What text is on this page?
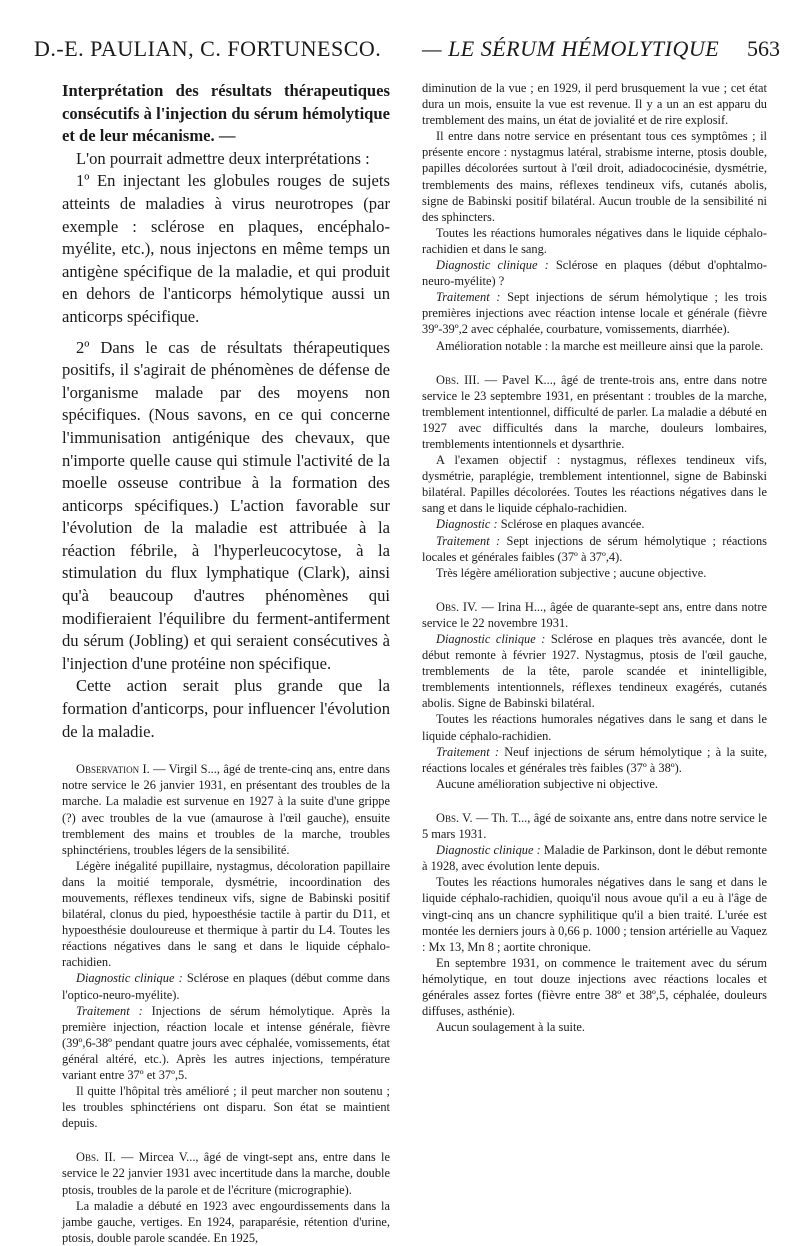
D.-E. PAULIAN, C. FORTUNESCO. — LE SÉRUM HÉMOLYTIQUE 563
Interprétation des résultats thérapeutiques consécutifs à l'injection du sérum hémolytique et de leur mécanisme. —

L'on pourrait admettre deux interprétations :

1º En injectant les globules rouges de sujets atteints de maladies à virus neurotropes (par exemple : sclérose en plaques, encéphalo-myélite, etc.), nous injectons en même temps un antigène spécifique de la maladie, et qui produit en dehors de l'anticorps hémolytique aussi un anticorps spécifique.

2º Dans le cas de résultats thérapeutiques positifs, il s'agirait de phénomènes de défense de l'organisme malade par des moyens non spécifiques. (Nous savons, en ce qui concerne l'immunisation antigénique des chevaux, que n'importe quelle cause qui stimule l'activité de la moelle osseuse contribue à la formation des anticorps spécifiques.) L'action favorable sur l'évolution de la maladie est attribuée à la réaction fébrile, à l'hyperleucocytose, à la stimulation du flux lymphatique (Clark), ainsi qu'à beaucoup d'autres phénomènes qui modifieraient l'équilibre du ferment-antiferment du sérum (Jobling) et qui seraient consécutives à l'injection d'une protéine non spécifique.

Cette action serait plus grande que la formation d'anticorps, pour influencer l'évolution de la maladie.

Observation I. — Virgil S..., âgé de trente-cinq ans, entre dans notre service le 26 janvier 1931, en présentant des troubles de la marche. La maladie est survenue en 1927 à la suite d'une grippe (?) avec troubles de la vue (amaurose à l'œil gauche), ensuite tremblement des mains et troubles de la marche, troubles sphinctériens, troubles légers de la sensibilité.

Légère inégalité pupillaire, nystagmus, décoloration papillaire dans la moitié temporale, dysmétrie, incoordination des mouvements, réflexes tendineux vifs, signe de Babinski positif bilatéral, clonus du pied, hypoesthésie tactile à partir du D11, et hypoesthésie douloureuse et thermique à partir du L4. Toutes les réactions négatives dans le sang et dans le liquide céphalo-rachidien.

Diagnostic clinique : Sclérose en plaques (début comme dans l'optico-neuro-myélite).

Traitement : Injections de sérum hémolytique. Après la première injection, réaction locale et intense générale, fièvre (39º,6-38º pendant quatre jours avec céphalée, vomissements, état général altéré, etc.). Après les autres injections, température variant entre 37º et 37º,5.

Il quitte l'hôpital très amélioré ; il peut marcher non soutenu ; les troubles sphinctériens ont disparu. Son état se maintient depuis.

Obs. II. — Mircea V..., âgé de vingt-sept ans, entre dans le service le 22 janvier 1931 avec incertitude dans la marche, double ptosis, troubles de la parole et de l'écriture (micrographie).

La maladie a débuté en 1923 avec engourdissements dans la jambe gauche, vertiges. En 1924, paraparésie, rétention d'urine, ptosis, double parole scandée. En 1925,

diminution de la vue ; en 1929, il perd brusquement la vue ; cet état dura un mois, ensuite la vue est revenue. Il y a un an est apparu du tremblement des mains, un état de jovialité et de rire explosif.

Il entre dans notre service en présentant tous ces symptômes ; il présente encore : nystagmus latéral, strabisme interne, ptosis double, papilles décolorées surtout à l'œil droit, adiadococinésie, dysmétrie, tremblements des mains, réflexes tendineux vifs, cutanés abolis, signe de Babinski positif bilatéral. Aucun trouble de la sensibilité ni des sphincters.

Toutes les réactions humorales négatives dans le liquide céphalo-rachidien et dans le sang.

Diagnostic clinique : Sclérose en plaques (début d'ophtalmo-neuro-myélite) ?

Traitement : Sept injections de sérum hémolytique ; les trois premières injections avec réaction intense locale et générale (fièvre 39º-39º,2 avec céphalée, courbature, vomissements, diarrhée).

Amélioration notable : la marche est meilleure ainsi que la parole.

Obs. III. — Pavel K..., âgé de trente-trois ans, entre dans notre service le 23 septembre 1931, en présentant : troubles de la marche, tremblement intentionnel, difficulté de parler. La maladie a débuté en 1927 avec difficultés dans la marche, douleurs lombaires, tremblements intentionnels et dysarthrie.

A l'examen objectif : nystagmus, réflexes tendineux vifs, dysmétrie, paraplégie, tremblement intentionnel, signe de Babinski bilatéral. Papilles décolorées. Toutes les réactions négatives dans le sang et dans le liquide céphalo-rachidien.

Diagnostic : Sclérose en plaques avancée.

Traitement : Sept injections de sérum hémolytique ; réactions locales et générales faibles (37º à 37º,4).

Très légère amélioration subjective ; aucune objective.

Obs. IV. — Irina H..., âgée de quarante-sept ans, entre dans notre service le 22 novembre 1931.

Diagnostic clinique : Sclérose en plaques très avancée, dont le début remonte à février 1927. Nystagmus, ptosis de l'œil gauche, tremblements de la tête, parole scandée et inintelligible, tremblements intentionnels, réflexes tendineux exagérés, cutanés abolis. Signe de Babinski bilatéral.

Toutes les réactions humorales négatives dans le sang et dans le liquide céphalo-rachidien.

Traitement : Neuf injections de sérum hémolytique ; à la suite, réactions locales et générales très faibles (37º à 38º).

Aucune amélioration subjective ni objective.

Obs. V. — Th. T..., âgé de soixante ans, entre dans notre service le 5 mars 1931.

Diagnostic clinique : Maladie de Parkinson, dont le début remonte à 1928, avec évolution lente depuis.

Toutes les réactions humorales négatives dans le sang et dans le liquide céphalo-rachidien, quoiqu'il nous avoue qu'il a eu à l'âge de vingt-cinq ans un chancre syphilitique qu'il a bien traité. L'urée est montée les derniers jours à 0,66 p. 1000 ; tension artérielle au Vaquez : Mx 13, Mn 8 ; aortite chronique.

En septembre 1931, on commence le traitement avec du sérum hémolytique, en tout douze injections avec réactions locales et générales assez fortes (fièvre entre 38º et 38º,5, céphalée, douleurs diffuses, asthénie).

Aucun soulagement à la suite.
